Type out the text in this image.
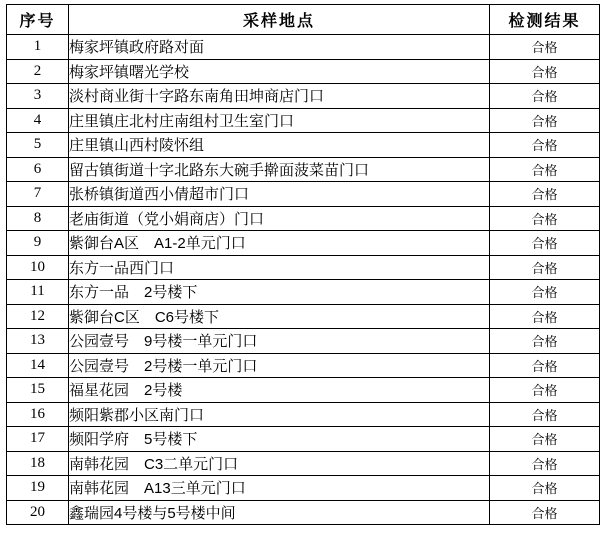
序号	采样地点	检测结果
1	梅家坪镇政府路对面	合格
2	梅家坪镇曙光学校	合格
3	淡村商业街十字路东南角田坤商店门口	合格
4	庄里镇庄北村庄南组村卫生室门口	合格
5	庄里镇山西村陵怀组	合格
6	留古镇街道十字北路东大碗手擀面菠菜苗门口	合格
7	张桥镇街道西小倩超市门口	合格
8	老庙街道（党小娟商店）门口	合格
9	紫御台A区　A1-2单元门口	合格
10	东方一品西门口	合格
11	东方一品　2号楼下	合格
12	紫御台C区　C6号楼下	合格
13	公园壹号　9号楼一单元门口	合格
14	公园壹号　2号楼一单元门口	合格
15	福星花园　2号楼	合格
16	频阳紫郡小区南门口	合格
17	频阳学府　5号楼下	合格
18	南韩花园　C3二单元门口	合格
19	南韩花园　A13三单元门口	合格
20	鑫瑞园4号楼与5号楼中间	合格
